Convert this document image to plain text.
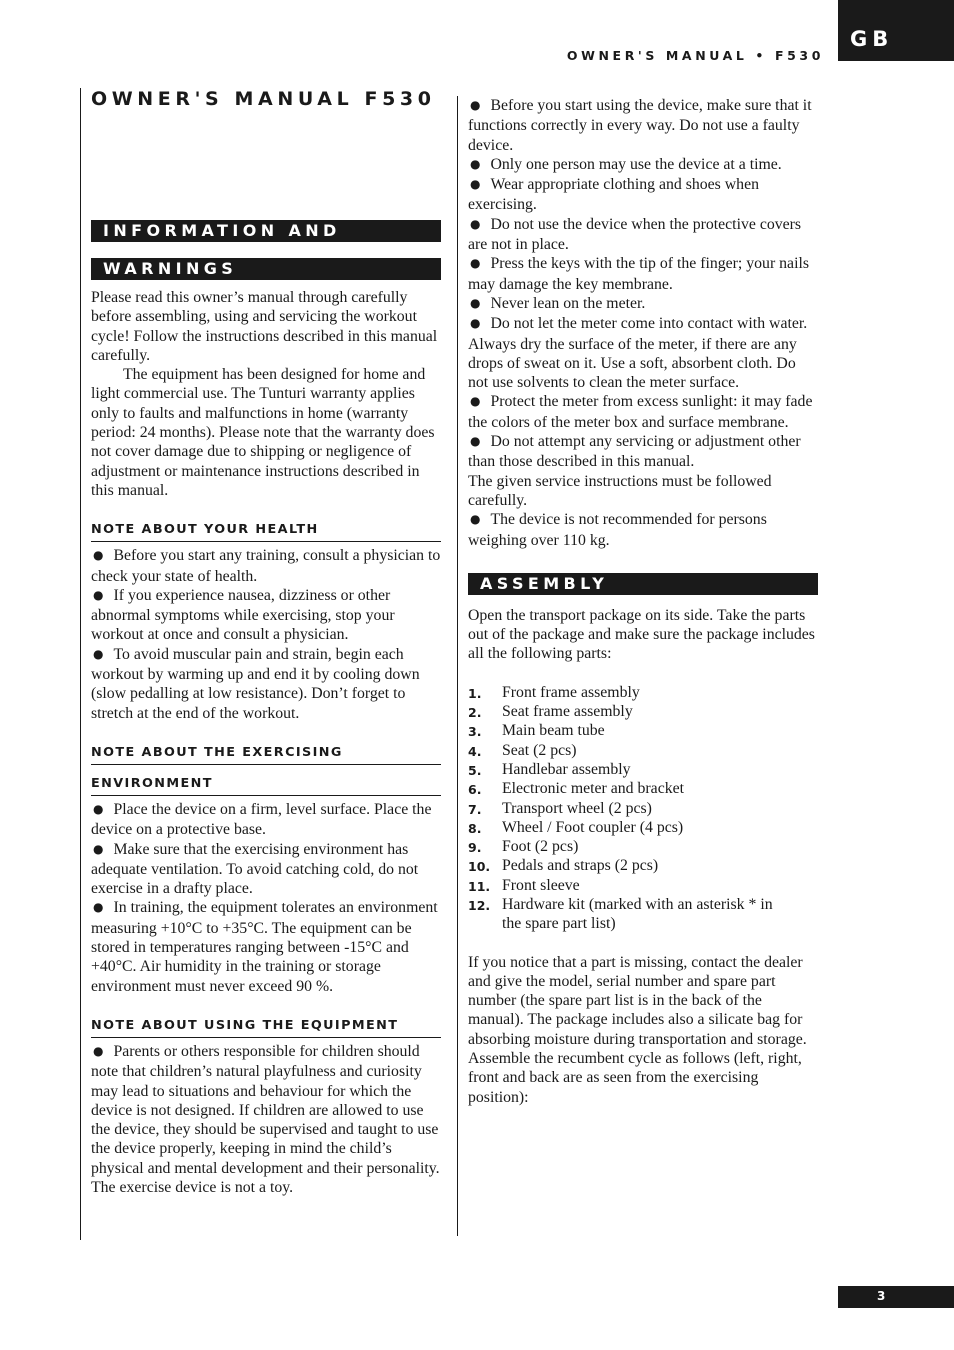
OWNER'S MANUAL • F530
GB
OWNER'S MANUAL F530
INFORMATION AND
WARNINGS

Please read this owner’s manual through carefully before assembling, using and servicing the workout cycle! Follow the instructions described in this manual carefully.

The equipment has been designed for home and light commercial use. The Tunturi warranty applies only to faults and malfunctions in home (warranty period: 24 months). Please note that the warranty does not cover damage due to shipping or negligence of adjustment or maintenance instructions described in this manual.

NOTE ABOUT YOUR HEALTH

● Before you start any training, consult a physician to check your state of health.

● If you experience nausea, dizziness or other abnormal symptoms while exercising, stop your workout at once and consult a physician.

● To avoid muscular pain and strain, begin each workout by warming up and end it by cooling down (slow pedalling at low resistance). Don’t forget to stretch at the end of the workout.

NOTE ABOUT THE EXERCISING
ENVIRONMENT

● Place the device on a firm, level surface. Place the device on a protective base.

● Make sure that the exercising environment has adequate ventilation. To avoid catching cold, do not exercise in a drafty place.

● In training, the equipment tolerates an environment measuring +10°C to +35°C. The equipment can be stored in temperatures ranging between -15°C and +40°C. Air humidity in the training or storage environment must never exceed 90 %.

NOTE ABOUT USING THE EQUIPMENT

● Parents or others responsible for children should note that children’s natural playfulness and curiosity may lead to situations and behaviour for which the device is not designed. If children are allowed to use the device, they should be supervised and taught to use the device properly, keeping in mind the child’s physical and mental development and their personality. The exercise device is not a toy.

● Before you start using the device, make sure that it functions correctly in every way. Do not use a faulty device.

● Only one person may use the device at a time.

● Wear appropriate clothing and shoes when exercising.

● Do not use the device when the protective covers are not in place.

● Press the keys with the tip of the finger; your nails may damage the key membrane.

● Never lean on the meter.

● Do not let the meter come into contact with water. Always dry the surface of the meter, if there are any drops of sweat on it. Use a soft, absorbent cloth. Do not use solvents to clean the meter surface.

● Protect the meter from excess sunlight: it may fade the colors of the meter box and surface membrane.

● Do not attempt any servicing or adjustment other than those described in this manual.

The given service instructions must be followed carefully.

● The device is not recommended for persons weighing over 110 kg.

ASSEMBLY

Open the transport package on its side. Take the parts out of the package and make sure the package includes all the following parts:

1. Front frame assembly
2. Seat frame assembly
3. Main beam tube
4. Seat (2 pcs)
5. Handlebar assembly
6. Electronic meter and bracket
7. Transport wheel (2 pcs)
8. Wheel / Foot coupler (4 pcs)
9. Foot (2 pcs)
10. Pedals and straps (2 pcs)
11. Front sleeve
12. Hardware kit (marked with an asterisk * in the spare part list)

If you notice that a part is missing, contact the dealer and give the model, serial number and spare part number (the spare part list is in the back of the manual). The package includes also a silicate bag for absorbing moisture during transportation and storage. Assemble the recumbent cycle as follows (left, right, front and back are as seen from the exercising position):

3
